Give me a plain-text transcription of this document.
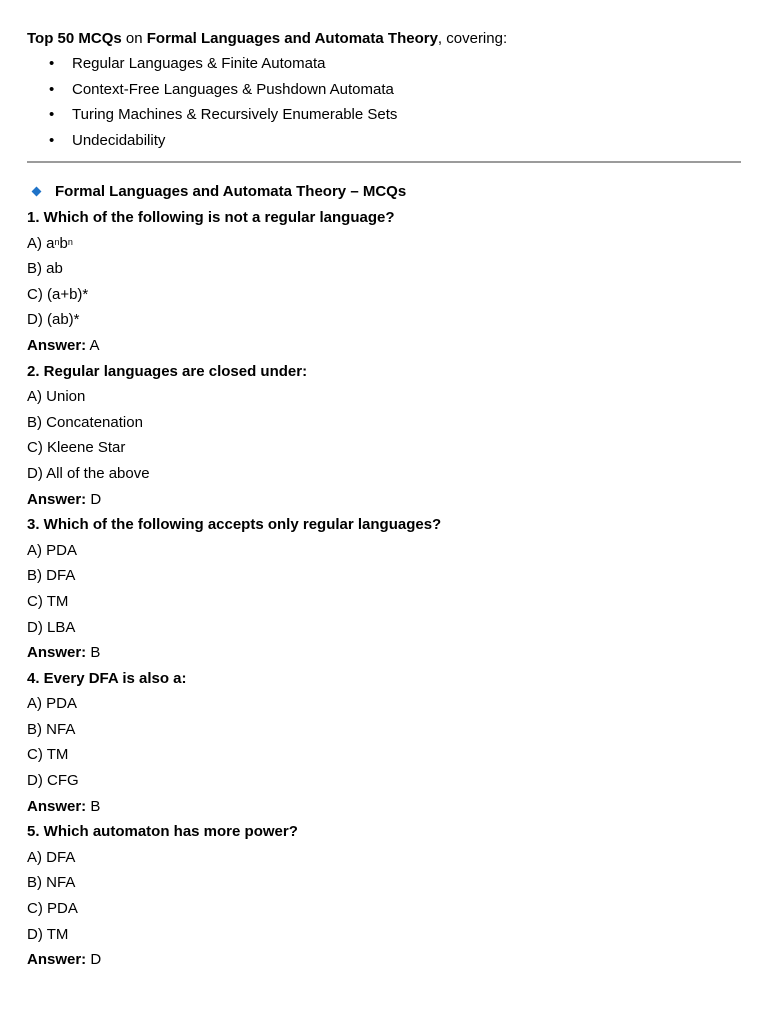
Top 50 MCQs on Formal Languages and Automata Theory, covering:
• Regular Languages & Finite Automata
• Context-Free Languages & Pushdown Automata
• Turing Machines & Recursively Enumerable Sets
• Undecidability
Formal Languages and Automata Theory – MCQs
1. Which of the following is not a regular language?
A) $a^nb^n$
B) ab
C) (a+b)*
D) (ab)*
Answer: A
2. Regular languages are closed under:
A) Union
B) Concatenation
C) Kleene Star
D) All of the above
Answer: D
3. Which of the following accepts only regular languages?
A) PDA
B) DFA
C) TM
D) LBA
Answer: B
4. Every DFA is also a:
A) PDA
B) NFA
C) TM
D) CFG
Answer: B
5. Which automaton has more power?
A) DFA
B) NFA
C) PDA
D) TM
Answer: D
